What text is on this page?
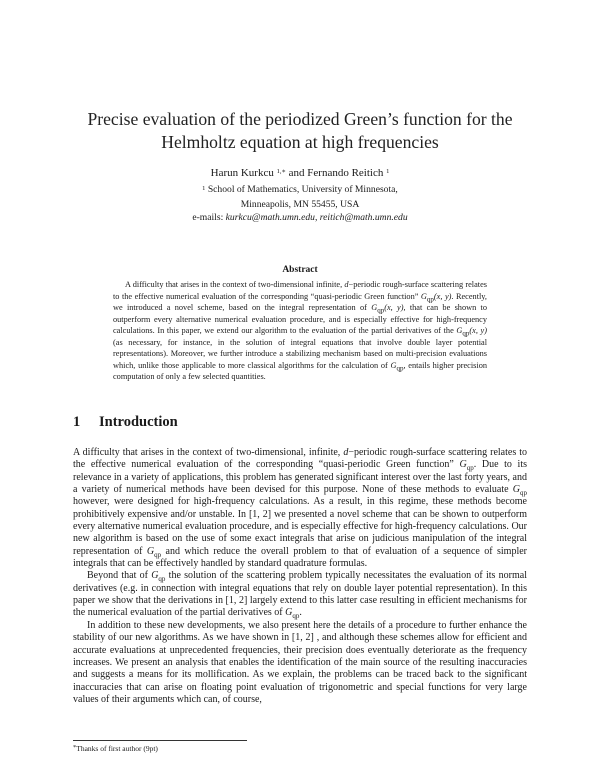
Precise evaluation of the periodized Green’s function for the
Helmholtz equation at high frequencies
Harun Kurkcu $^{1,∗}$ and Fernando Reitich $^1$
$^1$ School of Mathematics, University of Minnesota,
Minneapolis, MN 55455, USA
e-mails: kurkcu@math.umn.edu, reitich@math.umn.edu
Abstract

A difficulty that arises in the context of two-dimensional infinite, d−periodic rough-surface scattering relates to the effective numerical evaluation of the corresponding “quasi-periodic Green function” $G_{qp}(x$, y). Recently, we introduced a novel scheme, based on the integral representation of $G_{qp}(x$, y), that can be shown to outperform every alternative numerical evaluation procedure, and is especially effective for high-frequency calculations. In this paper, we extend our algorithm to the evaluation of the partial derivatives of the $G_{qp}(x$, y) (as necessary, for instance, in the solution of integral equations that involve double layer potential representations). Moreover, we further introduce a stabilizing mechanism based on multi-precision evaluations which, unlike those applicable to more classical algorithms for the calculation of $G_{qp}$, entails higher precision computation of only a few selected quantities.

1 Introduction

A difficulty that arises in the context of two-dimensional, infinite, d−periodic rough-surface scattering relates to the effective numerical evaluation of the corresponding “quasi-periodic Green function” $G_{qp}$. Due to its relevance in a variety of applications, this problem has generated significant interest over the last forty years, and a variety of numerical methods have been devised for this purpose. None of these methods to evaluate $G_{qp}$ however, were designed for high-frequency calculations. As a result, in this regime, these methods become prohibitively expensive and/or unstable. In [1, 2] we presented a novel scheme that can be shown to outperform every alternative numerical evaluation procedure, and is especially effective for high-frequency calculations. Our new algorithm is based on the use of some exact integrals that arise on judicious manipulation of the integral representation of $G_{qp}$ and which reduce the overall problem to that of evaluation of a sequence of simpler integrals that can be effectively handled by standard quadrature formulas.

Beyond that of $G_{qp}$ the solution of the scattering problem typically necessitates the evaluation of its normal derivatives (e.g. in connection with integral equations that rely on double layer potential representation). In this paper we show that the derivations in [1, 2] largely extend to this latter case resulting in efficient mechanisms for the numerical evaluation of the partial derivatives of $G_{qp}$.

In addition to these new developments, we also present here the details of a procedure to further enhance the stability of our new algorithms. As we have shown in [1, 2] , and although these schemes allow for efficient and accurate evaluations at unprecedented frequencies, their precision does eventually deteriorate as the frequency increases. We present an analysis that enables the identification of the main source of the resulting inaccuracies and suggests a means for its mollification. As we explain, the problems can be traced back to the significant inaccuracies that can arise on floating point evaluation of trigonometric and special functions for very large values of their arguments which can, of course,

*Thanks of first author (9pt)
